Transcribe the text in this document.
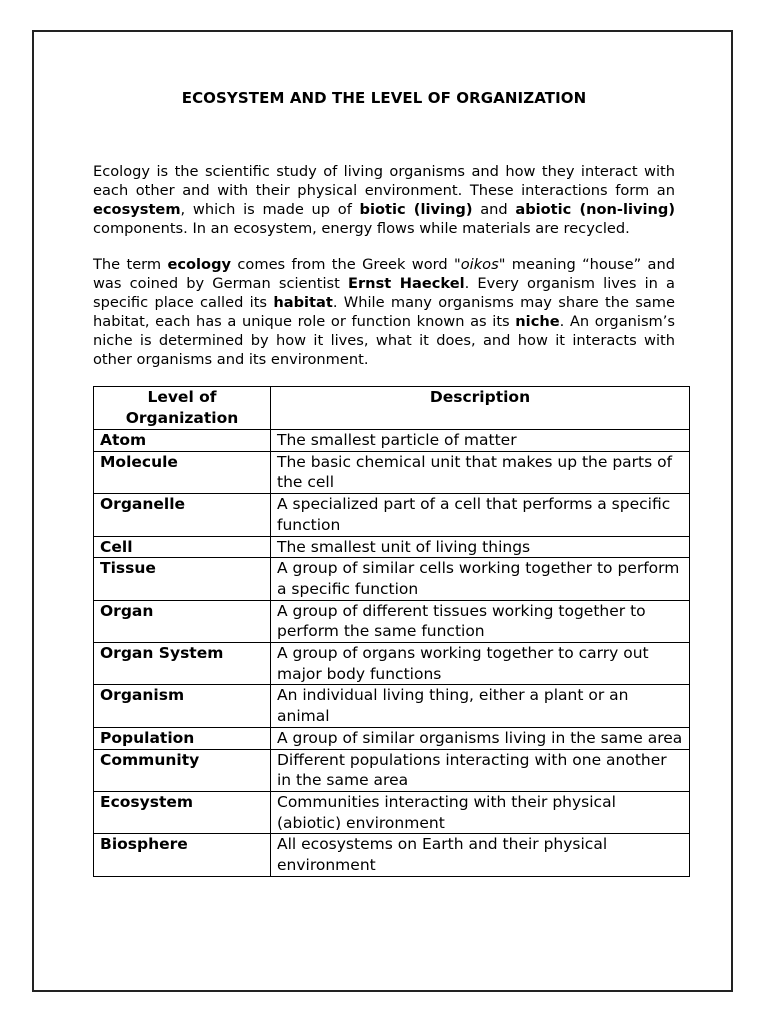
ECOSYSTEM AND THE LEVEL OF ORGANIZATION

Ecology is the scientific study of living organisms and how they interact with each other and with their physical environment. These interactions form an ecosystem, which is made up of biotic (living) and abiotic (non-living) components. In an ecosystem, energy flows while materials are recycled.

The term ecology comes from the Greek word "oikos" meaning “house” and was coined by German scientist Ernst Haeckel. Every organism lives in a specific place called its habitat. While many organisms may share the same habitat, each has a unique role or function known as its niche. An organism’s niche is determined by how it lives, what it does, and how it interacts with other organisms and its environment.

Level of Organization	Description
Atom	The smallest particle of matter
Molecule	The basic chemical unit that makes up the parts of the cell
Organelle	A specialized part of a cell that performs a specific function
Cell	The smallest unit of living things
Tissue	A group of similar cells working together to perform a specific function
Organ	A group of different tissues working together to perform the same function
Organ System	A group of organs working together to carry out major body functions
Organism	An individual living thing, either a plant or an animal
Population	A group of similar organisms living in the same area
Community	Different populations interacting with one another in the same area
Ecosystem	Communities interacting with their physical (abiotic) environment
Biosphere	All ecosystems on Earth and their physical environment
